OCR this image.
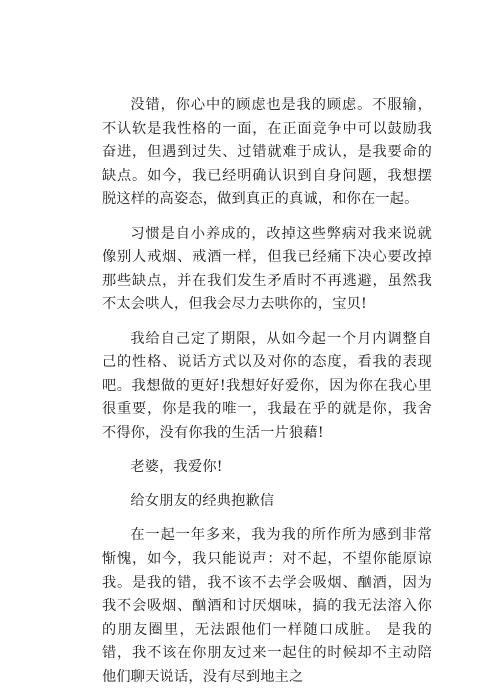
没错，你心中的顾虑也是我的顾虑。不服输，不认软是我性格的一面，在正面竞争中可以鼓励我奋进，但遇到过失、过错就难于成认，是我要命的缺点。如今，我已经明确认识到自身问题，我想摆脱这样的高姿态，做到真正的真诚，和你在一起。

习惯是自小养成的，改掉这些弊病对我来说就像别人戒烟、戒酒一样，但我已经痛下决心要改掉那些缺点，并在我们发生矛盾时不再逃避，虽然我不太会哄人，但我会尽力去哄你的，宝贝!

我给自己定了期限，从如今起一个月内调整自己的性格、说话方式以及对你的态度，看我的表现吧。我想做的更好!我想好好爱你，因为你在我心里很重要，你是我的唯一，我最在乎的就是你，我舍不得你，没有你我的生活一片狼藉!

老婆，我爱你!

给女朋友的经典抱歉信

在一起一年多来，我为我的所作所为感到非常惭愧，如今，我只能说声：对不起，不望你能原谅我。是我的错，我不该不去学会吸烟、酗酒，因为我不会吸烟、酗酒和讨厌烟味，搞的我无法溶入你的朋友圈里，无法跟他们一样随口成脏。 是我的错，我不该在你朋友过来一起住的时候却不主动陪他们聊天说话，没有尽到地主之
